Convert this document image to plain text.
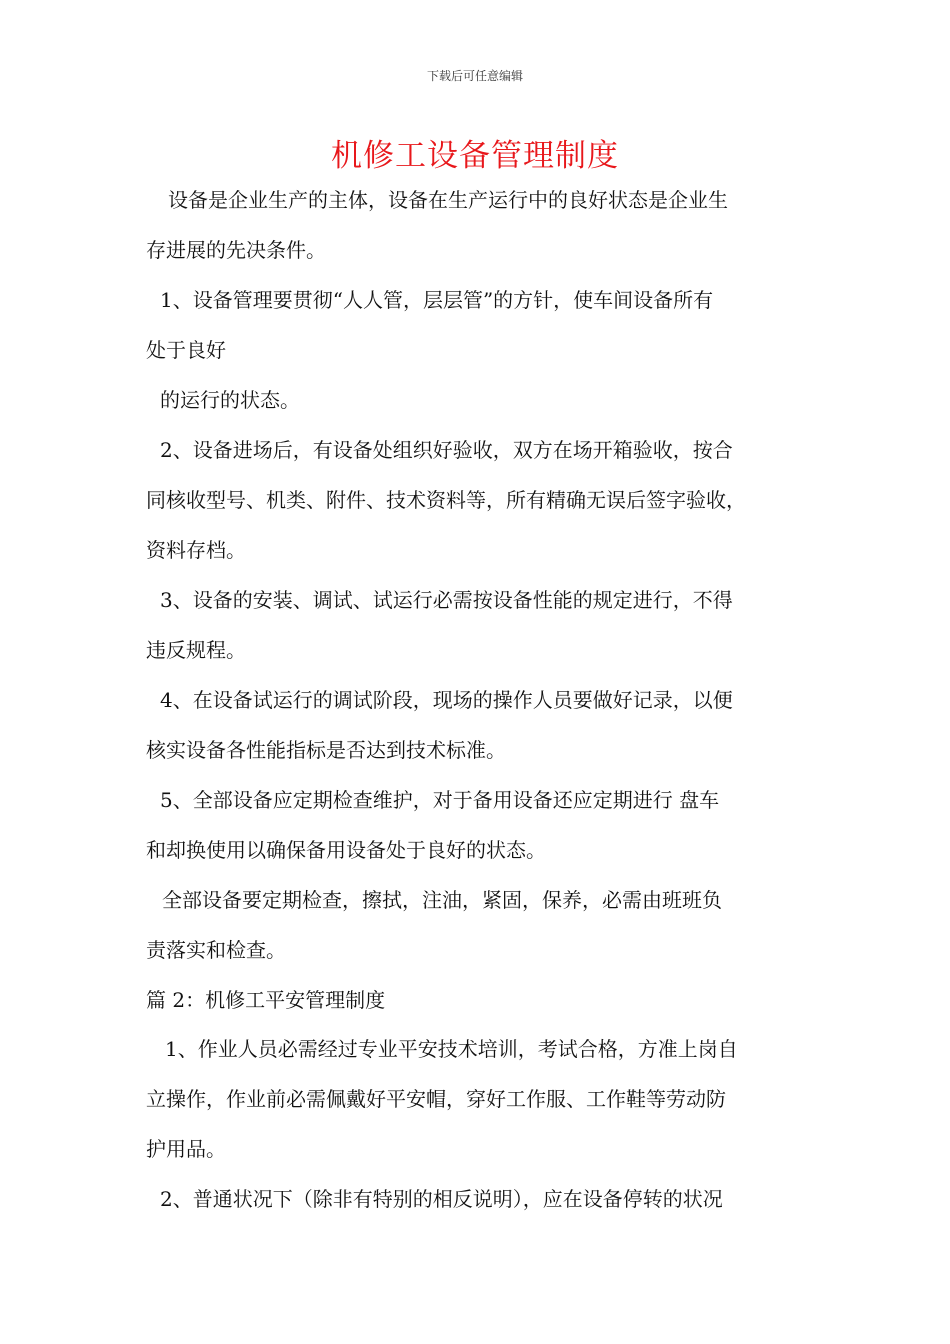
下载后可任意编辑
机修工设备管理制度
设备是企业生产的主体，设备在生产运行中的良好状态是企业生
存进展的先决条件。
1、设备管理要贯彻“人人管，层层管”的方针，使车间设备所有
处于良好
的运行的状态。
2、设备进场后，有设备处组织好验收，双方在场开箱验收，按合
同核收型号、机类、附件、技术资料等，所有精确无误后签字验收，
资料存档。
3、设备的安装、调试、试运行必需按设备性能的规定进行，不得
违反规程。
4、在设备试运行的调试阶段，现场的操作人员要做好记录，以便
核实设备各性能指标是否达到技术标准。
5、全部设备应定期检查维护，对于备用设备还应定期进行 盘车
和却换使用以确保备用设备处于良好的状态。
全部设备要定期检查，擦拭，注油，紧固，保养，必需由班班负
责落实和检查。
篇 2：机修工平安管理制度
1、作业人员必需经过专业平安技术培训，考试合格，方准上岗自
立操作，作业前必需佩戴好平安帽，穿好工作服、工作鞋等劳动防
护用品。
2、普通状况下（除非有特别的相反说明），应在设备停转的状况
